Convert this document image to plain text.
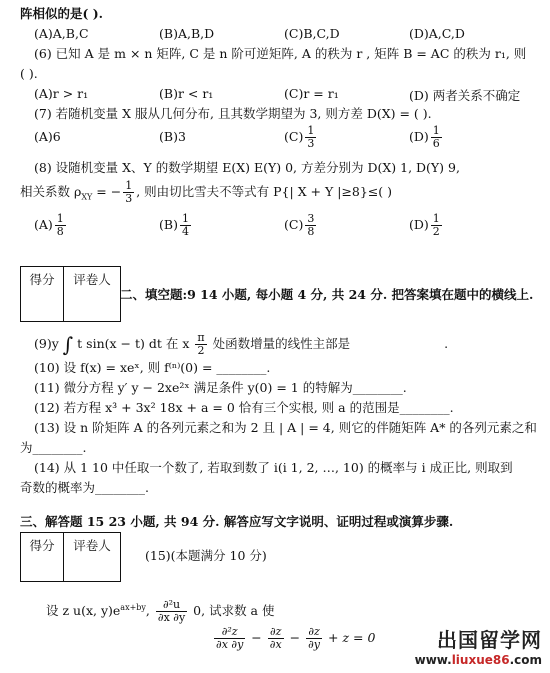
阵相似的是( ).
(A)A,B,C	(B)A,B,D	(C)B,C,D	(D)A,C,D
(6) 已知 A 是 m × n 矩阵, C 是 n 阶可逆矩阵, A 的秩为 r , 矩阵 B = AC 的秩为 r₁, 则
( ).
(A)r > r₁	(B)r < r₁	(C)r = r₁	(D) 两者关系不确定
(7) 若随机变量 X 服从几何分布, 且其数学期望为 3, 则方差 D(X) = ( ).
(A)6	(B)3	$(C) \frac{1}{3}$	$(D) \frac{1}{6}$
(8) 设随机变量 X、Y 的数学期望 E(X) E(Y) 0, 方差分别为 D(X) 1, D(Y) 9,
相关系数 $\rho_{XY}$ = − $\frac{1}{3}$ , 则由切比雪夫不等式有 P{| X + Y |≥8}≤( )
$(A) \frac{1}{8}$	$(B) \frac{1}{4}$	$(C) \frac{3}{8}$	$(D) \frac{1}{2}$
得分	评卷人
二、填空题:9 14 小题, 每小题 4 分, 共 24 分. 把答案填在题中的横线上.
(9)y ∫ t sin(x − t) dt 在 x $\frac{\pi}{2}$ 处函数增量的线性主部是	.
(10) 设 f(x) = xeˣ, 则 f⁽ⁿ⁾(0) = ________.
(11) 微分方程 y′ y − 2xe²ˣ 满足条件 y(0) = 1 的特解为________.
(12) 若方程 x³ + 3x² 18x + a = 0 恰有三个实根, 则 a 的范围是________.
(13) 设 n 阶矩阵 A 的各列元素之和为 2 且 | A | = 4, 则它的伴随矩阵 A* 的各列元素之和
为________.
(14) 从 1 10 中任取一个数了, 若取到数了 i(i 1, 2, …, 10) 的概率与 i 成正比, 则取到
奇数的概率为________.
三、解答题 15 23 小题, 共 94 分. 解答应写文字说明、证明过程或演算步骤.
得分	评卷人
(15)(本题满分 10 分)
设 z u(x, $y)e^{ax+by}$, $\frac{\text{∂²u}}{\partial x \partial y} 0$, 试求数 a 使
$\frac{\text{∂²z}}{\partial x \partial y} - \frac{\partial z}{\partial x} - \frac{\partial z}{\partial y} + z = 0$	出国留学网
www.liuxue86.com
